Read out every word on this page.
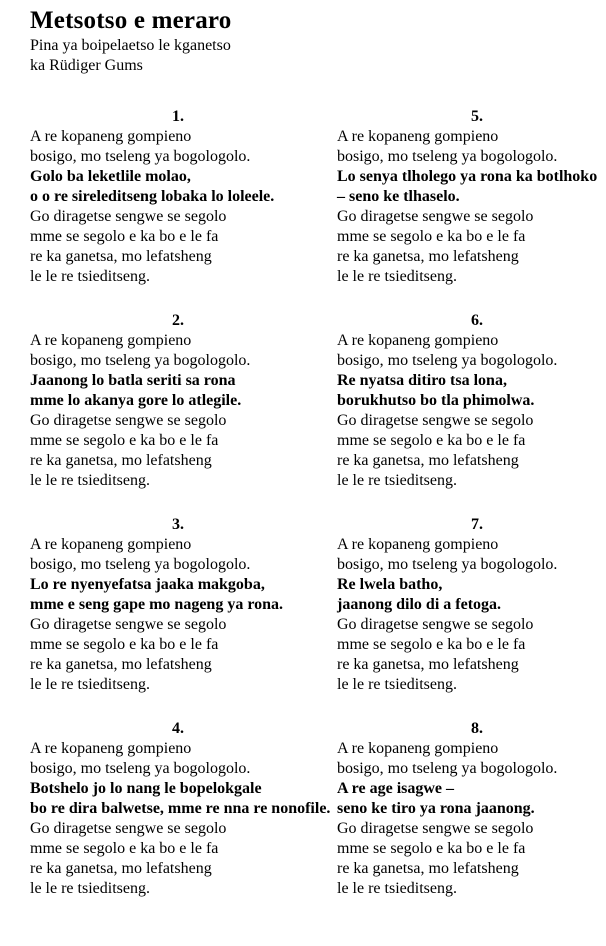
Metsotso e meraro

Pina ya boipelaetso le kganetso

ka Rüdiger Gums

1.
A re kopaneng gompieno
bosigo, mo tseleng ya bogologolo.
Golo ba leketlile molao,
o o re sireleditseng lobaka lo loleele.
Go diragetse sengwe se segolo
mme se segolo e ka bo e le fa
re ka ganetsa, mo lefatsheng
le le re tsieditseng.
2.
A re kopaneng gompieno
bosigo, mo tseleng ya bogologolo.
Jaanong lo batla seriti sa rona
mme lo akanya gore lo atlegile.
Go diragetse sengwe se segolo
mme se segolo e ka bo e le fa
re ka ganetsa, mo lefatsheng
le le re tsieditseng.
3.
A re kopaneng gompieno
bosigo, mo tseleng ya bogologolo.
Lo re nyenyefatsa jaaka makgoba,
mme e seng gape mo nageng ya rona.
Go diragetse sengwe se segolo
mme se segolo e ka bo e le fa
re ka ganetsa, mo lefatsheng
le le re tsieditseng.
4.
A re kopaneng gompieno
bosigo, mo tseleng ya bogologolo.
Botshelo jo lo nang le bopelokgale
bo re dira balwetse, mme re nna re nonofile.
Go diragetse sengwe se segolo
mme se segolo e ka bo e le fa
re ka ganetsa, mo lefatsheng
le le re tsieditseng.
5.
A re kopaneng gompieno
bosigo, mo tseleng ya bogologolo.
Lo senya tlholego ya rona ka botlhoko
– seno ke tlhaselo.
Go diragetse sengwe se segolo
mme se segolo e ka bo e le fa
re ka ganetsa, mo lefatsheng
le le re tsieditseng.
6.
A re kopaneng gompieno
bosigo, mo tseleng ya bogologolo.
Re nyatsa ditiro tsa lona,
borukhutso bo tla phimolwa.
Go diragetse sengwe se segolo
mme se segolo e ka bo e le fa
re ka ganetsa, mo lefatsheng
le le re tsieditseng.
7.
A re kopaneng gompieno
bosigo, mo tseleng ya bogologolo.
Re lwela batho,
jaanong dilo di a fetoga.
Go diragetse sengwe se segolo
mme se segolo e ka bo e le fa
re ka ganetsa, mo lefatsheng
le le re tsieditseng.
8.
A re kopaneng gompieno
bosigo, mo tseleng ya bogologolo.
A re age isagwe –
seno ke tiro ya rona jaanong.
Go diragetse sengwe se segolo
mme se segolo e ka bo e le fa
re ka ganetsa, mo lefatsheng
le le re tsieditseng.
